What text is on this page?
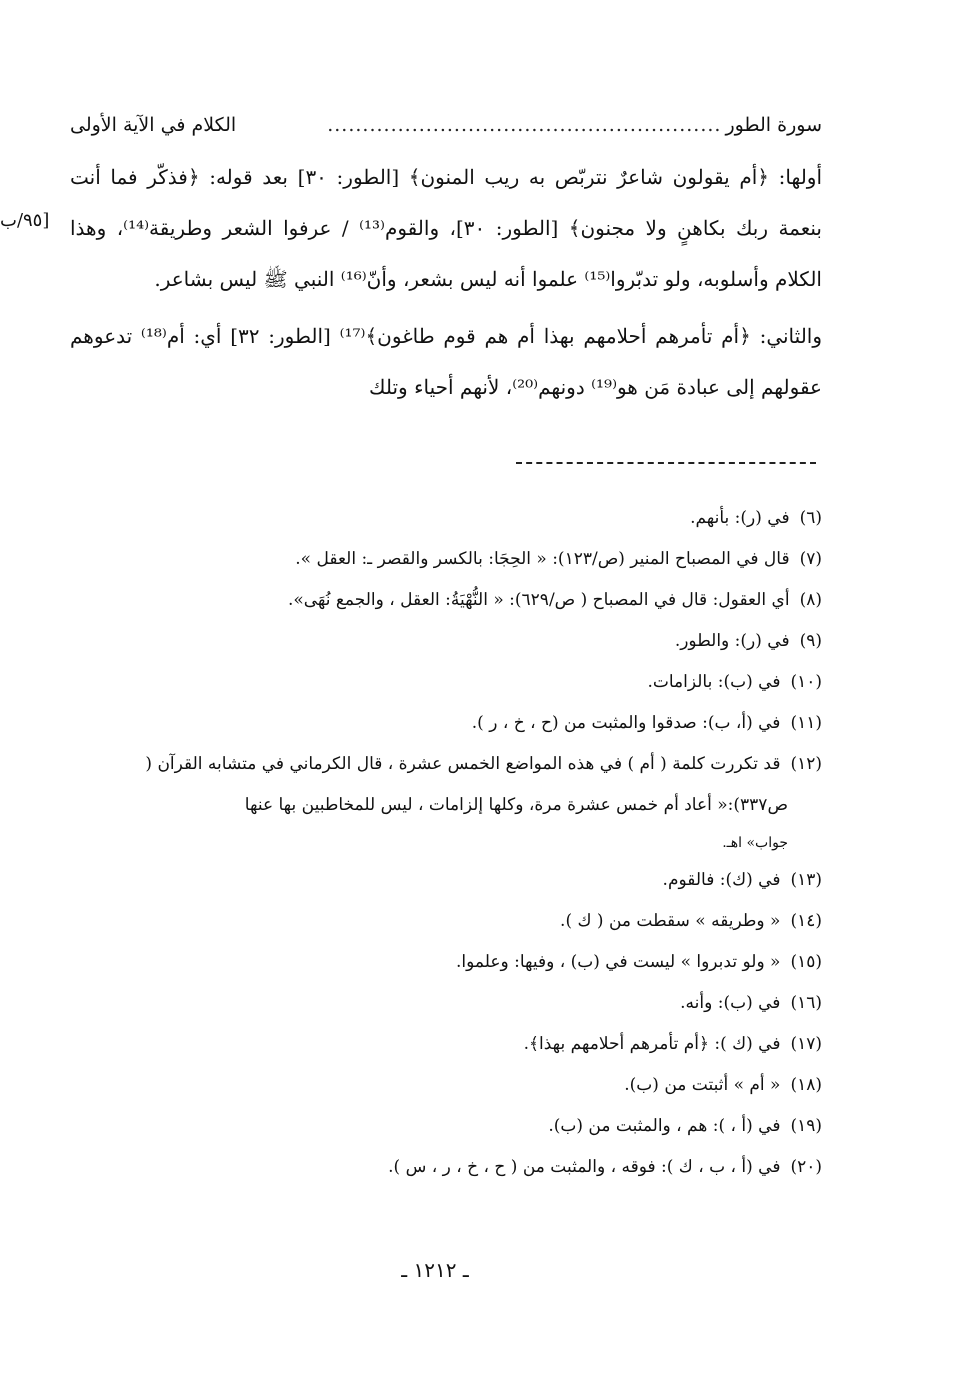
سورة الطور
........................................................
الكلام في الآية الأولى
[٩٥/ب

أولها: ﴿أم يقولون شاعرٌ نتربّص به ريب المنون﴾ [الطور: ٣٠] بعد قوله: ﴿فذكّر فما أنت بنعمة ربك بكاهنٍ ولا مجنون﴾ [الطور: ٣٠]، والقوم⁽¹³⁾ / عرفوا الشعر وطريقة⁽¹⁴⁾، وهذا الكلام وأسلوبه، ولو تدبّروا⁽¹⁵⁾ علموا أنه ليس بشعر، وأنّ⁽¹⁶⁾ النبي ﷺ ليس بشاعر.

والثاني: ﴿أم تأمرهم أحلامهم بهذا أم هم قوم طاغون﴾⁽¹⁷⁾ [الطور: ٣٢] أي: أم⁽¹⁸⁾ تدعوهم عقولهم إلى عبادة مَن هو⁽¹⁹⁾ دونهم⁽²⁰⁾، لأنهم أحياء وتلك

(٦)
في (ر): بأنهم.
(٧)
قال في المصباح المنير (ص/١٢٣): « الحِجَا: بالكسر والقصر ـ: العقل ».
(٨)
أي العقول: قال في المصباح ( ص/٦٢٩): « النُّهْيَةُ: العقل ، والجمع نُهَى».
(٩)
في (ر): والطور.
(١٠)
في (ب): بالزامات.
(١١)
في (أ، ب): صدقوا والمثبت من (ح ، خ ، ر ).
(١٢)
قد تكررت كلمة ( أم ) في هذه المواضع الخمس عشرة ، قال الكرماني في متشابه القرآن (
ص٣٣٧):« أعاد أم خمس عشرة مرة، وكلها إلزامات ، ليس للمخاطبين بها عنها
جواب» اهـ.
(١٣)
في (ك): فالقوم.
(١٤)
« وطريقه » سقطت من ( ك ).
(١٥)
« ولو تدبروا » ليست في (ب) ، وفيها: وعلموا.
(١٦)
في (ب): وأنه.
(١٧)
في (ك ): ﴿أم تأمرهم أحلامهم بهذا﴾.
(١٨)
« أم » أثبتت من (ب).
(١٩)
في (أ ، ): هم ، والمثبت من (ب).
(٢٠)
في (أ ، ب ، ك ): فوقه ، والمثبت من ( ح ، خ ، ر ، س ).
ـ ١٢١٢ ـ
